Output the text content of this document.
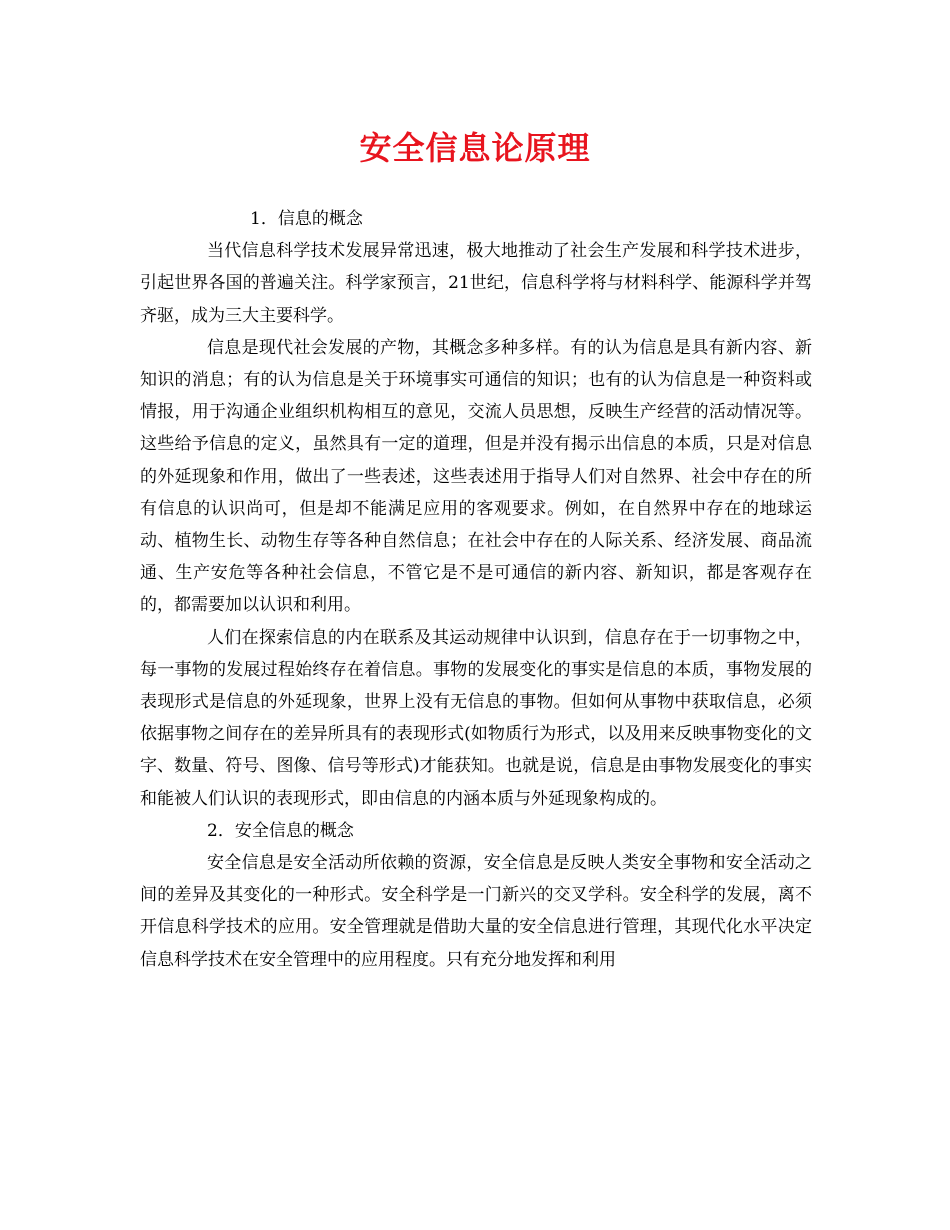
安全信息论原理

1．信息的概念

当代信息科学技术发展异常迅速，极大地推动了社会生产发展和科学技术进步，引起世界各国的普遍关注。科学家预言，21世纪，信息科学将与材料科学、能源科学并驾齐驱，成为三大主要科学。

信息是现代社会发展的产物，其概念多种多样。有的认为信息是具有新内容、新知识的消息；有的认为信息是关于环境事实可通信的知识；也有的认为信息是一种资料或情报，用于沟通企业组织机构相互的意见，交流人员思想，反映生产经营的活动情况等。这些给予信息的定义，虽然具有一定的道理，但是并没有揭示出信息的本质，只是对信息的外延现象和作用，做出了一些表述，这些表述用于指导人们对自然界、社会中存在的所有信息的认识尚可，但是却不能满足应用的客观要求。例如，在自然界中存在的地球运动、植物生长、动物生存等各种自然信息；在社会中存在的人际关系、经济发展、商品流通、生产安危等各种社会信息，不管它是不是可通信的新内容、新知识，都是客观存在的，都需要加以认识和利用。

人们在探索信息的内在联系及其运动规律中认识到，信息存在于一切事物之中，每一事物的发展过程始终存在着信息。事物的发展变化的事实是信息的本质，事物发展的表现形式是信息的外延现象，世界上没有无信息的事物。但如何从事物中获取信息，必须依据事物之间存在的差异所具有的表现形式(如物质行为形式，以及用来反映事物变化的文字、数量、符号、图像、信号等形式)才能获知。也就是说，信息是由事物发展变化的事实和能被人们认识的表现形式，即由信息的内涵本质与外延现象构成的。

2．安全信息的概念

安全信息是安全活动所依赖的资源，安全信息是反映人类安全事物和安全活动之间的差异及其变化的一种形式。安全科学是一门新兴的交叉学科。安全科学的发展，离不开信息科学技术的应用。安全管理就是借助大量的安全信息进行管理，其现代化水平决定信息科学技术在安全管理中的应用程度。只有充分地发挥和利用
